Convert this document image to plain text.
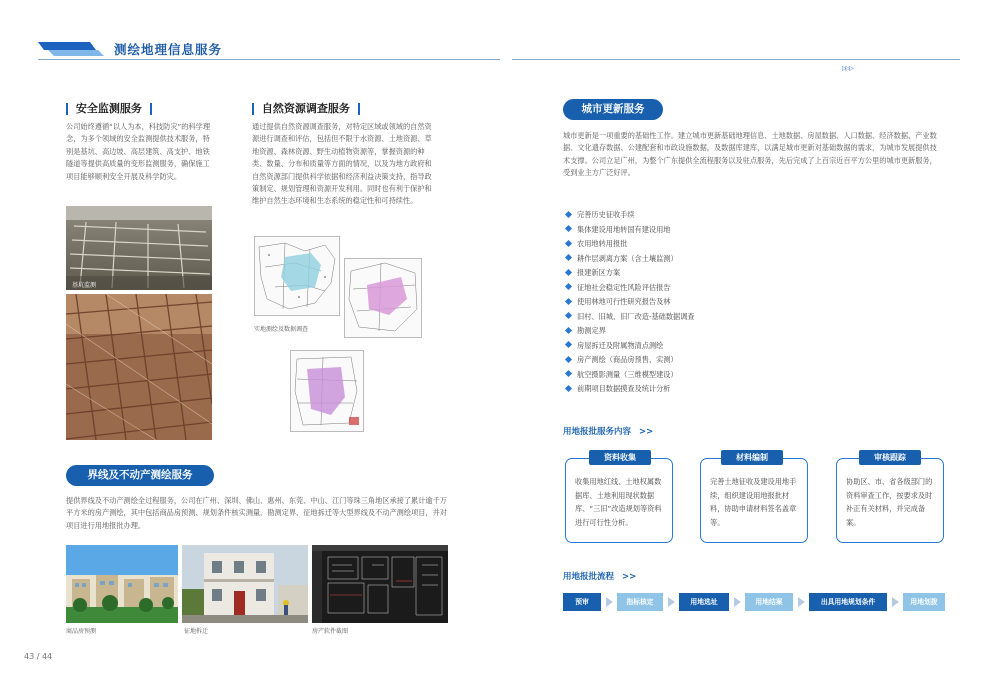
测绘地理信息服务
▷▷▷
安全监测服务
公司始终遵循“以人为本，科技防灾”的科学理念，为多个领域的安全监测提供技术服务，特别是基坑、高边坡、高层建筑、高支护、地铁隧道等提供高质量的变形监测服务，确保施工项目能够顺利安全开展及科学防灾。
基坑监测
自然资源调查服务
通过提供自然资源调查服务，对特定区域或领域的自然资源进行调查和评估，包括但不限于水资源、土地资源、草地资源、森林资源、野生动植物资源等，掌握资源的种类、数量、分布和质量等方面的情况，以及为地方政府和自然资源部门提供科学依据和经济利益决策支持，指导政策制定、规划管理和资源开发利用。同时也有利于保护和维护自然生态环境和生态系统的稳定性和可持续性。
实地测绘及数据调查
界线及不动产测绘服务
提供界线及不动产测绘全过程服务，公司在广州、深圳、佛山、惠州、东莞、中山、江门等珠三角地区承接了累计逾千万平方米的房产测绘，其中包括商品房预测、规划条件核实测量、勘测定界、征地拆迁等大型界线及不动产测绘项目，并对项目进行用地报批办理。
商品房预测	征地拆迁	房产软件截图
43 / 44
城市更新服务
城市更新是一项重要的基础性工作。建立城市更新基础地理信息、土地数据、房屋数据、人口数据、经济数据、产业数据、文化遗存数据、公建配套和市政设施数据，及数据库建库，以满足城市更新对基础数据的需求，为城市发展提供技术支撑。公司立足广州，为整个广东提供全流程服务以及驻点服务，先后完成了上百宗近百平方公里的城市更新服务，受到业主方广泛好评。
完善历史征收手续
集体建设用地转国有建设用地
农用地转用报批
耕作层剥离方案（含土壤监测）
报建新区方案
征地社会稳定性风险评估报告
使用林地可行性研究报告及林
旧村、旧城、旧厂改造-基础数据调查
勘测定界
房屋拆迁及附属物清点测绘
房产测绘（商品房预售、实测）
航空摄影测量（三维模型建设）
前期项目数据摸查及统计分析
用地报批服务内容 >>
资料收集
收集用地红线、土地权属数据库、土地利用现状数据库、“三旧”改造规划等资料进行可行性分析。
材料编制
完善土地征收及建设用地手续，组织建设用地报批材料，协助申请材料签名盖章等。
审核跟踪
协助区、市、省各级部门的资料审查工作，按要求及时补正有关材料，并完成备案。
用地报批流程 >>
预审	指标核定	用地选址	用地结案	出具用地规划条件	用地划拨
